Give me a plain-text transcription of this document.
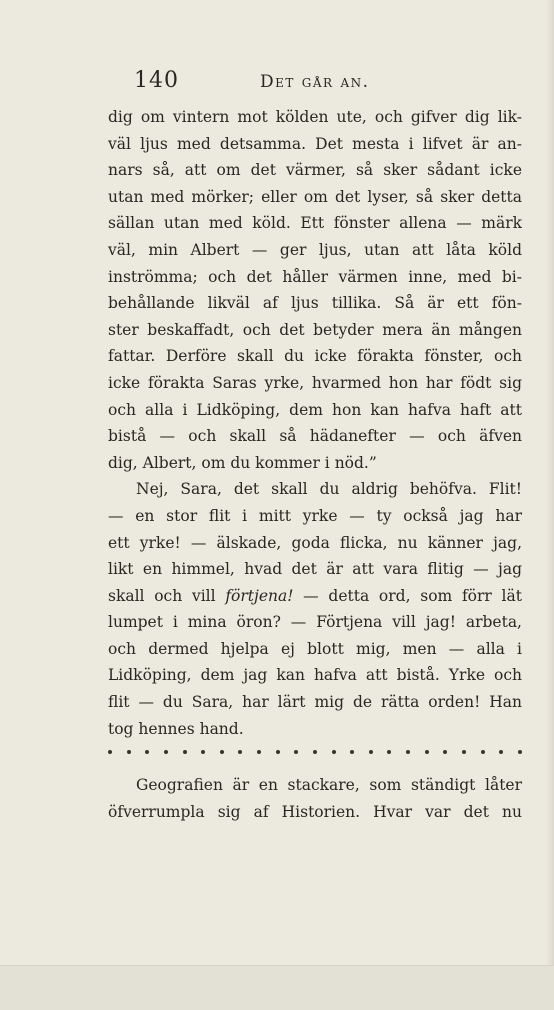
140	Det går an.
dig om vintern mot kölden ute, och gifver dig lik-
väl ljus med detsamma. Det mesta i lifvet är an-
nars så, att om det värmer, så sker sådant icke
utan med mörker; eller om det lyser, så sker detta
sällan utan med köld. Ett fönster allena — märk
väl, min Albert — ger ljus, utan att låta köld
inströmma; och det håller värmen inne, med bi-
behållande likväl af ljus tillika. Så är ett fön-
ster beskaffadt, och det betyder mera än mången
fattar. Derföre skall du icke förakta fönster, och
icke förakta Saras yrke, hvarmed hon har födt sig
och alla i Lidköping, dem hon kan hafva haft att
bistå — och skall så hädanefter — och äfven
dig, Albert, om du kommer i nöd.”
Nej, Sara, det skall du aldrig behöfva. Flit!
— en stor flit i mitt yrke — ty också jag har
ett yrke! — älskade, goda flicka, nu känner jag,
likt en himmel, hvad det är att vara flitig — jag
skall och vill förtjena! — detta ord, som förr lät
lumpet i mina öron? — Förtjena vill jag! arbeta,
och dermed hjelpa ej blott mig, men — alla i
Lidköping, dem jag kan hafva att bistå. Yrke och
flit — du Sara, har lärt mig de rätta orden! Han
tog hennes hand.
Geografien är en stackare, som ständigt låter
öfverrumpla sig af Historien. Hvar var det nu
